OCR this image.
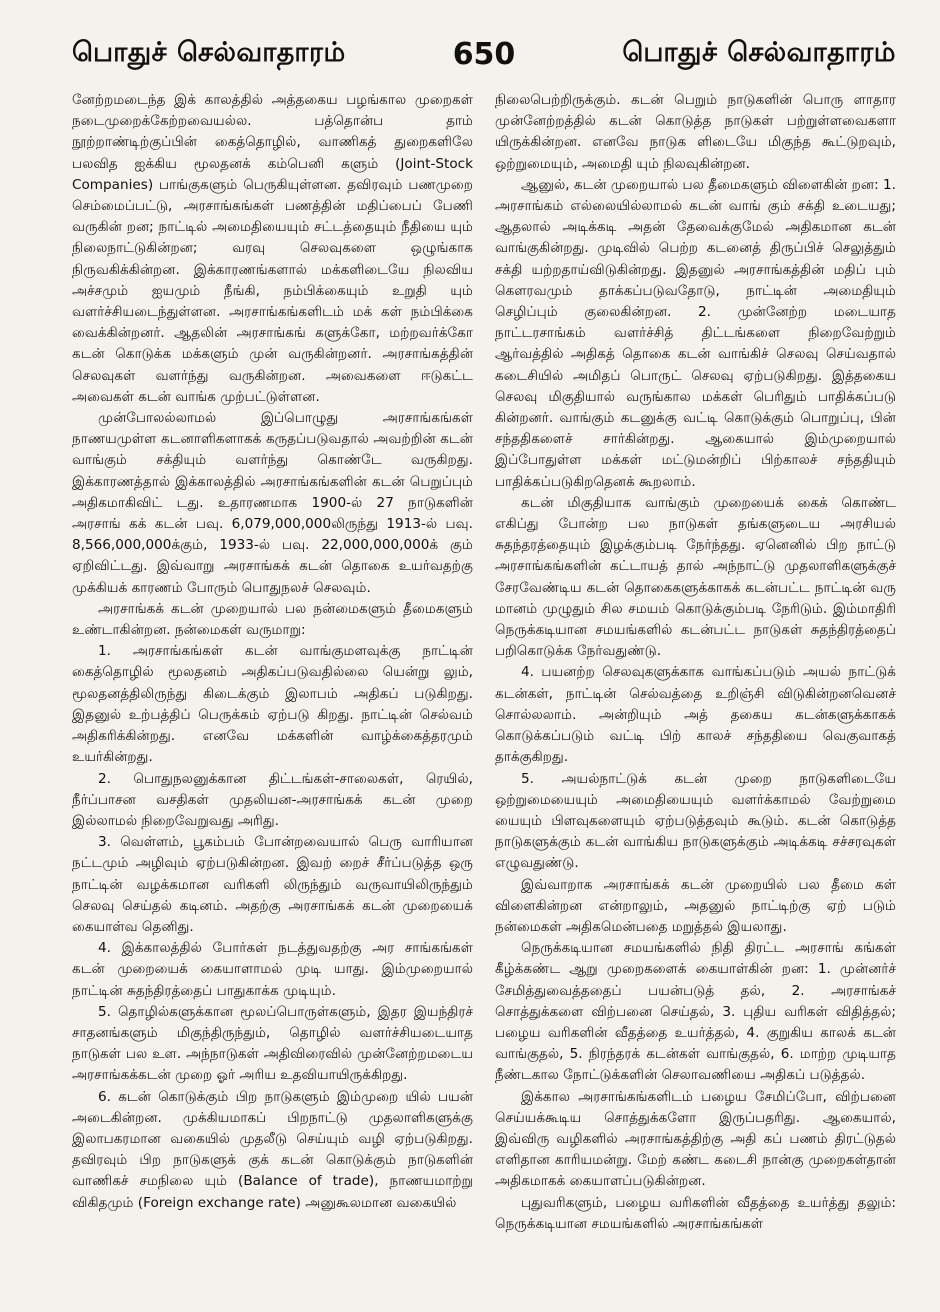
பொதுச் செல்வாதாரம்	650	பொதுச் செல்வாதாரம்

னேற்றமடைந்த இக் காலத்தில் அத்தகைய பழங்கால முறைகள் நடைமுறைக்கேற்றவையல்ல. பத்தொன்ப தாம் நூற்றாண்டிற்குப்பின் கைத்தொழில், வாணிகத் துறைகளிலே பலவித ஐக்கிய மூலதனக் கம்பெனி களும் (Joint-Stock Companies) பாங்குகளும் பெருகியுள்ளன. தவிரவும் பணமுறை செம்மைப்பட்டு, அரசாங்கங்கள் பணத்தின் மதிப்பைப் பேணி வருகின் றன; நாட்டில் அமைதியையும் சட்டத்தையும் நீதியை யும் நிலைநாட்டுகின்றன; வரவு செலவுகளை ஒழுங்காக நிருவகிக்கின்றன. இக்காரணங்களால் மக்களிடையே நிலவிய அச்சமும் ஐயமும் நீங்கி, நம்பிக்கையும் உறுதி யும் வளர்ச்சியடைந்துள்ளன. அரசாங்கங்களிடம் மக் கள் நம்பிக்கை வைக்கின்றனர். ஆதலின் அரசாங்கங் களுக்கோ, மற்றவர்க்கோ கடன் கொடுக்க மக்களும் முன் வருகின்றனர். அரசாங்கத்தின் செலவுகள் வளர்ந்து வருகின்றன. அவைகளை ஈடுகட்ட அவைகள் கடன் வாங்க முற்பட்டுள்ளன.

முன்போலல்லாமல் இப்பொழுது அரசாங்கங்கள் நாணயமுள்ள கடனாளிகளாகக் கருதப்படுவதால் அவற்றின் கடன் வாங்கும் சக்தியும் வளர்ந்து கொண்டே வருகிறது. இக்காரணத்தால் இக்காலத்தில் அரசாங்கங்களின் கடன் பெறுப்பும் அதிகமாகிவிட் டது. உதாரணமாக 1900-ல் 27 நாடுகளின் அரசாங் கக் கடன் பவு. 6,079,000,000லிருந்து 1913-ல் பவு. 8,566,000,000க்கும், 1933-ல் பவு. 22,000,000,000க் கும் ஏறிவிட்டது. இவ்வாறு அரசாங்கக் கடன் தொகை உயர்வதற்கு முக்கியக் காரணம் போரும் பொதுநலச் செலவும்.

அரசாங்கக் கடன் முறையால் பல நன்மைகளும் தீமைகளும் உண்டாகின்றன. நன்மைகள் வருமாறு:

1. அரசாங்கங்கள் கடன் வாங்குமளவுக்கு நாட்டின் கைத்தொழில் மூலதனம் அதிகப்படுவதில்லை யென்று லும், மூலதனத்திலிருந்து கிடைக்கும் இலாபம் அதிகப் படுகிறது. இதனுல் உற்பத்திப் பெருக்கம் ஏற்படு கிறது. நாட்டின் செல்வம் அதிகரிக்கின்றது. எனவே மக்களின் வாழ்க்கைத்தரமும் உயர்கின்றது.

2. பொதுநலனுக்கான திட்டங்கள்-சாலைகள், ரெயில், நீர்ப்பாசன வசதிகள் முதலியன-அரசாங்கக் கடன் முறை இல்லாமல் நிறைவேறுவது அரிது.

3. வெள்ளம், பூகம்பம் போன்றவையால் பெரு வாரியான நட்டமும் அழிவும் ஏற்படுகின்றன. இவற் றைச் சீர்ப்படுத்த ஒரு நாட்டின் வழக்கமான வரிகளி லிருந்தும் வருவாயிலிருந்தும் செலவு செய்தல் கடினம். அதற்கு அரசாங்கக் கடன் முறையைக் கையாள்வ தெனிது.

4. இக்காலத்தில் போர்கள் நடத்துவதற்கு அர சாங்கங்கள் கடன் முறையைக் கையாளாமல் முடி யாது. இம்முறையால் நாட்டின் சுதந்திரத்தைப் பாதுகாக்க முடியும்.

5. தொழில்களுக்கான மூலப்பொருள்களும், இதர இயந்திரச் சாதனங்களும் மிகுந்திருந்தும், தொழில் வளர்ச்சியடையாத நாடுகள் பல உள. அந்நாடுகள் அதிவிரைவில் முன்னேற்றமடைய அரசாங்கக்கடன் முறை ஓர் அரிய உதவியாயிருக்கிறது.

6. கடன் கொடுக்கும் பிற நாடுகளும் இம்முறை யில் பயன் அடைகின்றன. முக்கியமாகப் பிறநாட்டு முதலாளிகளுக்கு இலாபகரமான வகையில் முதலீடு செய்யும் வழி ஏற்படுகிறது. தவிரவும் பிற நாடுகளுக் குக் கடன் கொடுக்கும் நாடுகளின் வாணிகச் சமநிலை யும் (Balance of trade), நாணயமாற்று விகிதமும் (Foreign exchange rate) அனுகூலமான வகையில்

நிலைபெற்றிருக்கும். கடன் பெறும் நாடுகளின் பொரு ளாதார முன்னேற்றத்தில் கடன் கொடுத்த நாடுகள் பற்றுள்ளவைகளா யிருக்கின்றன. எனவே நாடுக ளிடையே மிகுந்த கூட்டுறவும், ஒற்றுமையும், அமைதி யும் நிலவுகின்றன.

ஆனுல், கடன் முறையால் பல தீமைகளும் விளைகின் றன: 1. அரசாங்கம் எல்லையில்லாமல் கடன் வாங் கும் சக்தி உடையது; ஆதலால் அடிக்கடி அதன் தேவைக்குமேல் அதிகமான கடன் வாங்குகின்றது. முடிவில் பெற்ற கடனைத் திருப்பிச் செலுத்தும் சக்தி யற்றதாய்விடுகின்றது. இதனுல் அரசாங்கத்தின் மதிப் பும் கௌரவமும் தாக்கப்படுவதோடு, நாட்டின் அமைதியும் செழிப்பும் குலைகின்றன. 2. முன்னேற்ற மடையாத நாட்டரசாங்கம் வளர்ச்சித் திட்டங்களை நிறைவேற்றும் ஆர்வத்தில் அதிகத் தொகை கடன் வாங்கிச் செலவு செய்வதால் கடைசியில் அமிதப் பொருட் செலவு ஏற்படுகிறது. இத்தகைய செலவு மிகுதியால் வருங்கால மக்கள் பெரிதும் பாதிக்கப்படு கின்றனர். வாங்கும் கடனுக்கு வட்டி கொடுக்கும் பொறுப்பு, பின் சந்ததிகளைச் சார்கின்றது. ஆகையால் இம்முறையால் இப்போதுள்ள மக்கள் மட்டுமன்றிப் பிற்காலச் சந்ததியும் பாதிக்கப்படுகிறதெனக் கூறலாம்.

கடன் மிகுதியாக வாங்கும் முறையைக் கைக் கொண்ட எகிப்து போன்ற பல நாடுகள் தங்களுடைய அரசியல் சுதந்தரத்தையும் இழக்கும்படி நேர்ந்தது. ஏனெனில் பிற நாட்டு அரசாங்கங்களின் கட்டாயத் தால் அந்நாட்டு முதலாளிகளுக்குச் சேரவேண்டிய கடன் தொகைகளுக்காகக் கடன்பட்ட நாட்டின் வரு மானம் முழுதும் சில சமயம் கொடுக்கும்படி நேரிடும். இம்மாதிரி நெருக்கடியான சமயங்களில் கடன்பட்ட நாடுகள் சுதந்திரத்தைப் பறிகொடுக்க நேர்வதுண்டு.

4. பயனற்ற செலவுகளுக்காக வாங்கப்படும் அயல் நாட்டுக் கடன்கள், நாட்டின் செல்வத்தை உறிஞ்சி விடுகின்றனவெனச் சொல்லலாம். அன்றியும் அத் தகைய கடன்களுக்காகக் கொடுக்கப்படும் வட்டி பிற் காலச் சந்ததியை வெகுவாகத் தாக்குகிறது.

5. அயல்நாட்டுக் கடன் முறை நாடுகளிடையே ஒற்றுமையையும் அமைதியையும் வளர்க்காமல் வேற்றுமை யையும் பிளவுகளையும் ஏற்படுத்தவும் கூடும். கடன் கொடுத்த நாடுகளுக்கும் கடன் வாங்கிய நாடுகளுக்கும் அடிக்கடி சச்சரவுகள் எழுவதுண்டு.

இவ்வாறாக அரசாங்கக் கடன் முறையில் பல தீமை கள் விளைகின்றன என்றாலும், அதனுல் நாட்டிற்கு ஏற் படும் நன்மைகள் அதிகமென்பதை மறுத்தல் இயலாது.

நெருக்கடியான சமயங்களில் நிதி திரட்ட அரசாங் கங்கள் கீழ்க்கண்ட ஆறு முறைகளைக் கையாள்கின் றன: 1. முன்னர்ச் சேமித்துவைத்ததைப் பயன்படுத் தல், 2. அரசாங்கச் சொத்துக்களை விற்பனை செய்தல், 3. புதிய வரிகள் விதித்தல்; பழைய வரிகளின் வீதத்தை உயர்த்தல், 4. குறுகிய காலக் கடன் வாங்குதல், 5. நிரந்தரக் கடன்கள் வாங்குதல், 6. மாற்ற முடியாத நீண்டகால நோட்டுக்களின் செலாவணியை அதிகப் படுத்தல்.

இக்கால அரசாங்கங்களிடம் பழைய சேமிப்போ, விற்பனை செய்யக்கூடிய சொத்துக்களோ இருப்பதரிது. ஆகையால், இவ்விரு வழிகளில் அரசாங்கத்திற்கு அதி கப் பணம் திரட்டுதல் எளிதான காரியமன்று. மேற் கண்ட கடைசி நான்கு முறைகள்தான் அதிகமாகக் கையாளப்படுகின்றன.

புதுவரிகளும், பழைய வரிகளின் வீதத்தை உயர்த்து தலும்: நெருக்கடியான சமயங்களில் அரசாங்கங்கள்
